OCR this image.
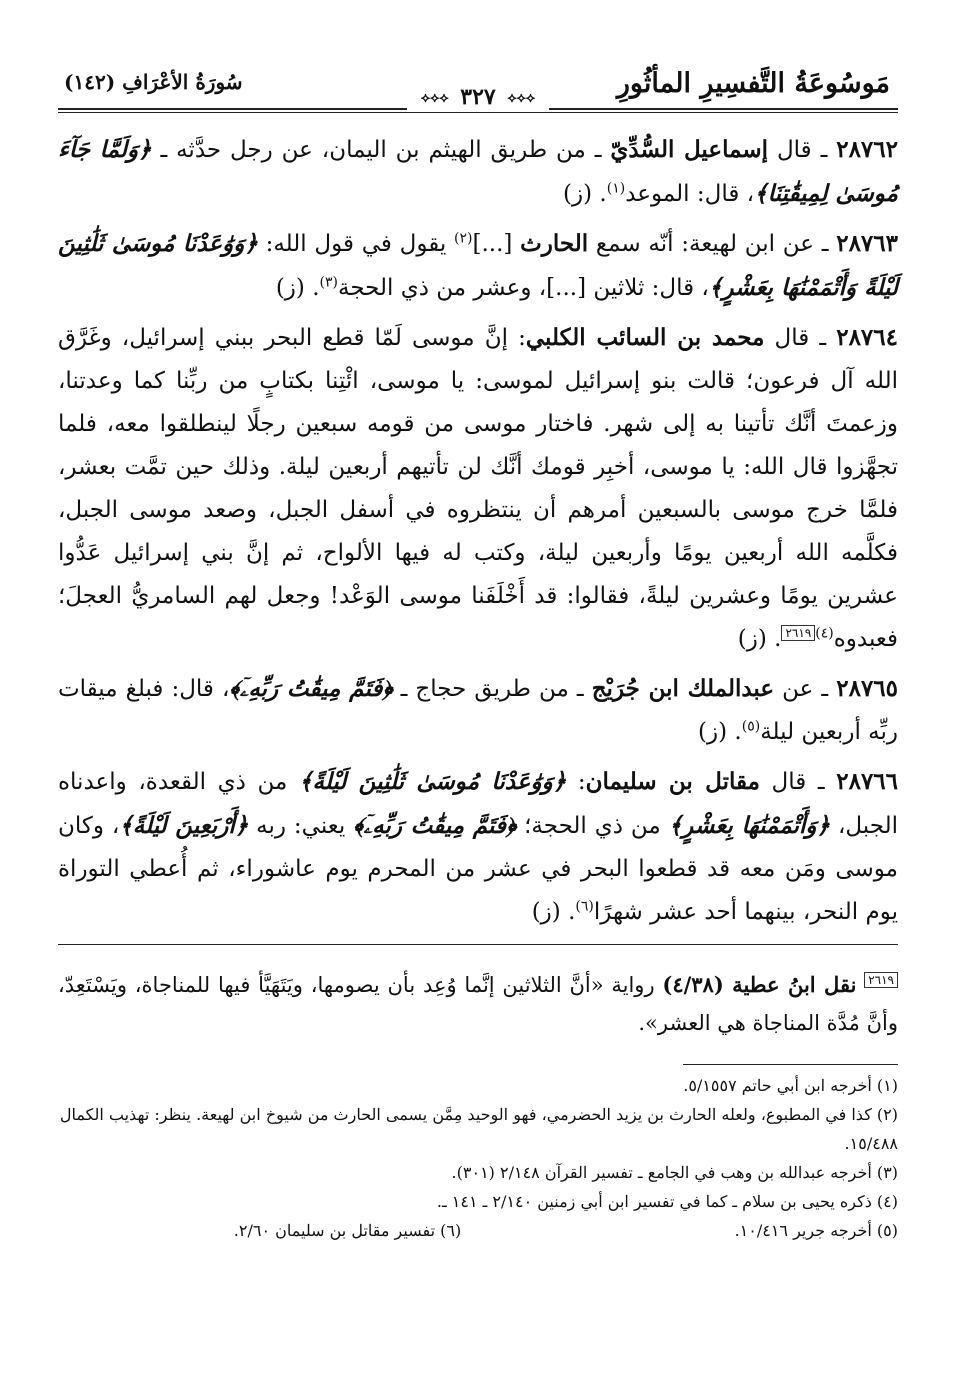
مَوسُوعَةُ التَّفسِيرِ المأثُورِ
⟡⟡⟡ ٣٢٧ ⟡⟡⟡
سُورَةُ الأعْرَافِ (١٤٢)

٢٨٧٦٢ ـ قال إسماعيل السُّدِّيّ ـ من طريق الهيثم بن اليمان، عن رجل حدَّثه ـ ﴿وَلَمَّا جَآءَ مُوسَىٰ لِمِيقَٰتِنَا﴾، قال: الموعد$^{(١)}$. (ز)

٢٨٧٦٣ ـ عن ابن لهيعة: أنّه سمع الحارث [...]$^{(٢)}$ يقول في قول الله: ﴿وَوَٰعَدْنَا مُوسَىٰ ثَلَٰثِينَ لَيْلَةً وَأَتْمَمْنَٰهَا بِعَشْرٍ﴾، قال: ثلاثين [...]، وعشر من ذي الحجة$^{(٣)}$. (ز)

٢٨٧٦٤ ـ قال محمد بن السائب الكلبي: إنَّ موسى لَمّا قطع البحر ببني إسرائيل، وغَرَّق الله آل فرعون؛ قالت بنو إسرائيل لموسى: يا موسى، ائْتِنا بكتابٍ من ربِّنا كما وعدتنا، وزعمتَ أنَّك تأتينا به إلى شهر. فاختار موسى من قومه سبعين رجلًا لينطلقوا معه، فلما تجهَّزوا قال الله: يا موسى، أخبِر قومك أنَّك لن تأتيهم أربعين ليلة. وذلك حين تمَّت بعشر، فلمَّا خرج موسى بالسبعين أمرهم أن ينتظروه في أسفل الجبل، وصعد موسى الجبل، فكلَّمه الله أربعين يومًا وأربعين ليلة، وكتب له فيها الألواح، ثم إنَّ بني إسرائيل عَدُّوا عشرين يومًا وعشرين ليلةً، فقالوا: قد أَخْلَفَنا موسى الوَعْد! وجعل لهم السامريُّ العجلَ؛ فعبدوه$^{(٤)}$٢٦١٩. (ز)

٢٨٧٦٥ ـ عن عبدالملك ابن جُرَيْج ـ من طريق حجاج ـ ﴿فَتَمَّ مِيقَٰتُ رَبِّهِۦٓ﴾، قال: فبلغ ميقات ربِّه أربعين ليلة$^{(٥)}$. (ز)

٢٨٧٦٦ ـ قال مقاتل بن سليمان: ﴿وَوَٰعَدْنَا مُوسَىٰ ثَلَٰثِينَ لَيْلَةً﴾ من ذي القعدة، واعدناه الجبل، ﴿وَأَتْمَمْنَٰهَا بِعَشْرٍ﴾ من ذي الحجة؛ ﴿فَتَمَّ مِيقَٰتُ رَبِّهِۦٓ﴾ يعني: ربه ﴿أَرْبَعِينَ لَيْلَةً﴾، وكان موسى ومَن معه قد قطعوا البحر في عشر من المحرم يوم عاشوراء، ثم أُعطي التوراة يوم النحر، بينهما أحد عشر شهرًا$^{(٦)}$. (ز)

٢٦١٩ نقل ابنُ عطية (٤/٣٨) رواية «أنَّ الثلاثين إنَّما وُعِد بأن يصومها، ويَتَهَيَّأ فيها للمناجاة، ويَسْتَعِدّ، وأنَّ مُدَّة المناجاة هي العشر».

(١) أخرجه ابن أبي حاتم ٥/١٥٥٧.
(٢) كذا في المطبوع، ولعله الحارث بن يزيد الحضرمي، فهو الوحيد مِمَّن يسمى الحارث من شيوخ ابن لهيعة. ينظر: تهذيب الكمال ١٥/٤٨٨.
(٣) أخرجه عبدالله بن وهب في الجامع ـ تفسير القرآن ٢/١٤٨ (٣٠١).
(٤) ذكره يحيى بن سلام ـ كما في تفسير ابن أبي زمنين ٢/١٤٠ ـ ١٤١ ـ.
(٥) أخرجه جرير ١٠/٤١٦.
(٦) تفسير مقاتل بن سليمان ٢/٦٠.
